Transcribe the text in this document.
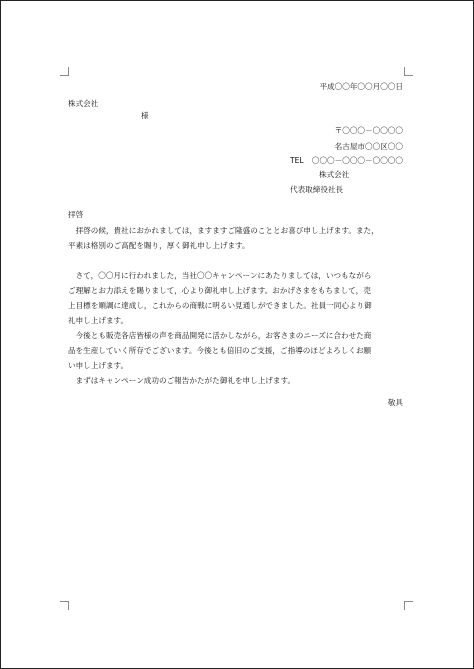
平成〇〇年〇〇月〇〇日
株式会社
様
〒〇〇〇－〇〇〇〇
名古屋市〇〇区〇〇
TEL 〇〇〇－〇〇〇－〇〇〇〇
株式会社
代表取締役社長
拝啓
　拝啓の候，貴社におかれましては，ますますご隆盛のこととお喜び申し上げます。また，
平素は格別のご高配を賜り，厚く御礼申し上げます。
　さて，〇〇月に行われました，当社〇〇キャンペーンにあたりましては，いつもながら
ご理解とお力添えを賜りまして，心より御礼申し上げます。おかげさまをもちまして，売
上目標を順調に達成し，これからの商戦に明るい見通しができました。社員一同心より御
礼申し上げます。
　今後とも販売各店皆様の声を商品開発に活かしながら，お客さまのニーズに合わせた商
品を生産していく所存でございます。今後とも倍旧のご支援，ご指導のほどよろしくお願
い申し上げます。
　まずはキャンペーン成功のご報告かたがた御礼を申し上げます。
敬具
